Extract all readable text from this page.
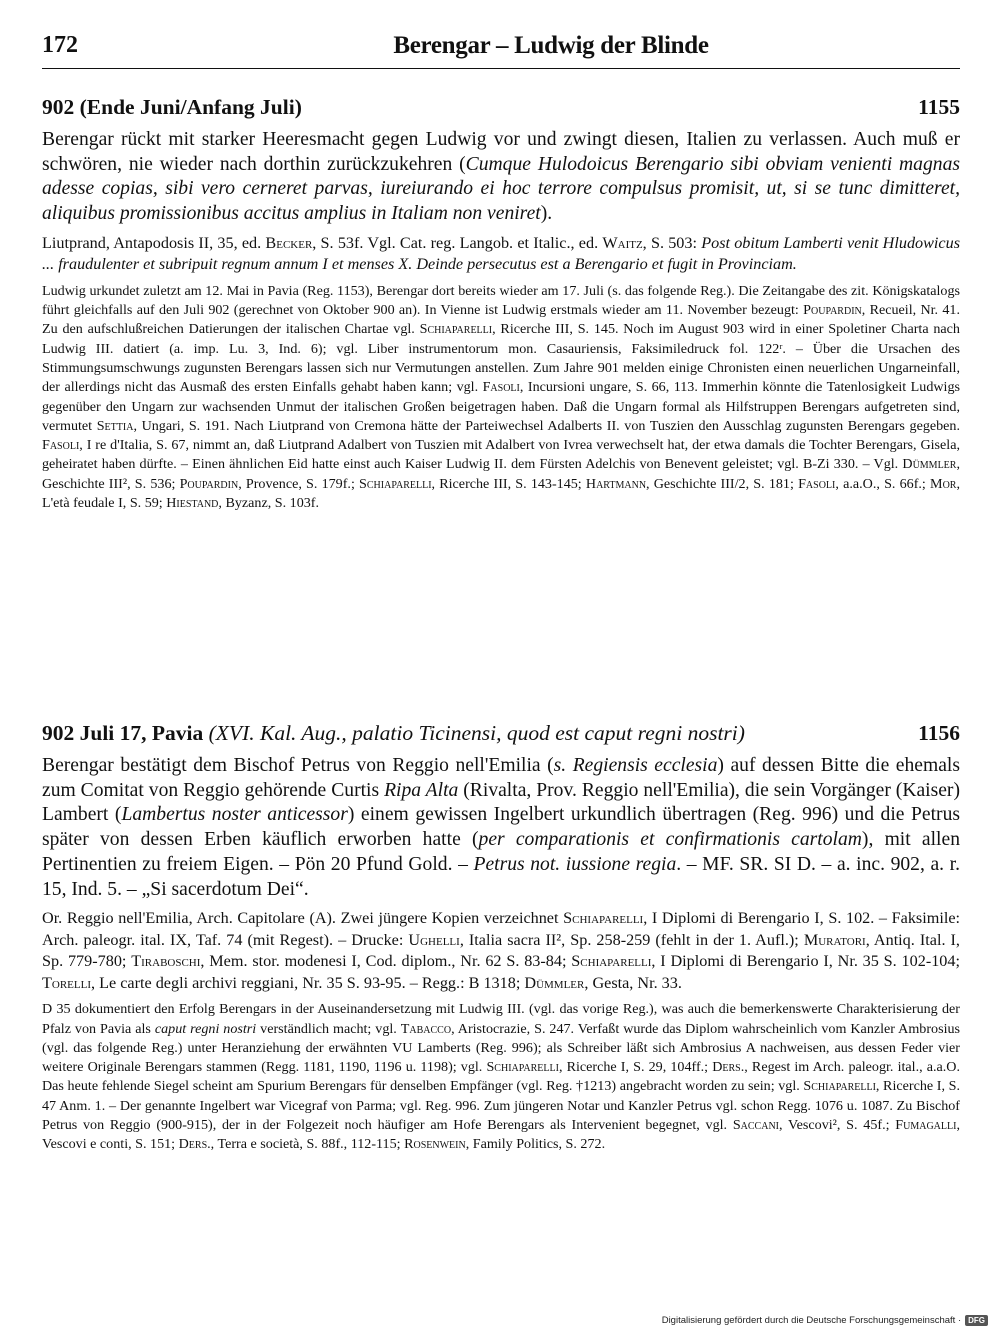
172	Berengar – Ludwig der Blinde
902 (Ende Juni/Anfang Juli)	1155

Berengar rückt mit starker Heeresmacht gegen Ludwig vor und zwingt diesen, Italien zu verlassen. Auch muß er schwören, nie wieder nach dorthin zurückzukehren (Cumque Hulodoicus Berengario sibi obviam venienti magnas adesse copias, sibi vero cerneret parvas, iureiurando ei hoc terrore compulsus promisit, ut, si se tunc dimitteret, aliquibus promissionibus accitus amplius in Italiam non veniret).

Liutprand, Antapodosis II, 35, ed. Becker, S. 53f. Vgl. Cat. reg. Langob. et Italic., ed. Waitz, S. 503: Post obitum Lamberti venit Hludowicus ... fraudulenter et subripuit regnum annum I et menses X. Deinde persecutus est a Berengario et fugit in Provinciam.

Ludwig urkundet zuletzt am 12. Mai in Pavia (Reg. 1153), Berengar dort bereits wieder am 17. Juli (s. das folgende Reg.). Die Zeitangabe des zit. Königskatalogs führt gleichfalls auf den Juli 902 (gerechnet von Oktober 900 an). In Vienne ist Ludwig erstmals wieder am 11. November bezeugt: Poupardin, Recueil, Nr. 41. Zu den aufschlußreichen Datierungen der italischen Chartae vgl. Schiaparelli, Ricerche III, S. 145. Noch im August 903 wird in einer Spoletiner Charta nach Ludwig III. datiert (a. imp. Lu. 3, Ind. 6); vgl. Liber instrumentorum mon. Casauriensis, Faksimiledruck fol. 122ʳ. – Über die Ursachen des Stimmungsumschwungs zugunsten Berengars lassen sich nur Vermutungen anstellen. Zum Jahre 901 melden einige Chronisten einen neuerlichen Ungarneinfall, der allerdings nicht das Ausmaß des ersten Einfalls gehabt haben kann; vgl. Fasoli, Incursioni ungare, S. 66, 113. Immerhin könnte die Tatenlosigkeit Ludwigs gegenüber den Ungarn zur wachsenden Unmut der italischen Großen beigetragen haben. Daß die Ungarn formal als Hilfstruppen Berengars aufgetreten sind, vermutet Settia, Ungari, S. 191. Nach Liutprand von Cremona hätte der Parteiwechsel Adalberts II. von Tuszien den Ausschlag zugunsten Berengars gegeben. Fasoli, I re d'Italia, S. 67, nimmt an, daß Liutprand Adalbert von Tuszien mit Adalbert von Ivrea verwechselt hat, der etwa damals die Tochter Berengars, Gisela, geheiratet haben dürfte. – Einen ähnlichen Eid hatte einst auch Kaiser Ludwig II. dem Fürsten Adelchis von Benevent geleistet; vgl. B-Zi 330. – Vgl. Dümmler, Geschichte III², S. 536; Poupardin, Provence, S. 179f.; Schiaparelli, Ricerche III, S. 143-145; Hartmann, Geschichte III/2, S. 181; Fasoli, a.a.O., S. 66f.; Mor, L'età feudale I, S. 59; Hiestand, Byzanz, S. 103f.

902 Juli 17, Pavia (XVI. Kal. Aug., palatio Ticinensi, quod est caput regni nostri)	1156

Berengar bestätigt dem Bischof Petrus von Reggio nell'Emilia (s. Regiensis ecclesia) auf dessen Bitte die ehemals zum Comitat von Reggio gehörende Curtis Ripa Alta (Rivalta, Prov. Reggio nell'Emilia), die sein Vorgänger (Kaiser) Lambert (Lambertus noster anticessor) einem gewissen Ingelbert urkundlich übertragen (Reg. 996) und die Petrus später von dessen Erben käuflich erworben hatte (per comparationis et confirmationis cartolam), mit allen Pertinentien zu freiem Eigen. – Pön 20 Pfund Gold. – Petrus not. iussione regia. – MF. SR. SI D. – a. inc. 902, a. r. 15, Ind. 5. – „Si sacerdotum Dei“.

Or. Reggio nell'Emilia, Arch. Capitolare (A). Zwei jüngere Kopien verzeichnet Schiaparelli, I Diplomi di Berengario I, S. 102. – Faksimile: Arch. paleogr. ital. IX, Taf. 74 (mit Regest). – Drucke: Ughelli, Italia sacra II², Sp. 258-259 (fehlt in der 1. Aufl.); Muratori, Antiq. Ital. I, Sp. 779-780; Tiraboschi, Mem. stor. modenesi I, Cod. diplom., Nr. 62 S. 83-84; Schiaparelli, I Diplomi di Berengario I, Nr. 35 S. 102-104; Torelli, Le carte degli archivi reggiani, Nr. 35 S. 93-95. – Regg.: B 1318; Dümmler, Gesta, Nr. 33.

D 35 dokumentiert den Erfolg Berengars in der Auseinandersetzung mit Ludwig III. (vgl. das vorige Reg.), was auch die bemerkenswerte Charakterisierung der Pfalz von Pavia als caput regni nostri verständlich macht; vgl. Tabacco, Aristocrazie, S. 247. Verfaßt wurde das Diplom wahrscheinlich vom Kanzler Ambrosius (vgl. das folgende Reg.) unter Heranziehung der erwähnten VU Lamberts (Reg. 996); als Schreiber läßt sich Ambrosius A nachweisen, aus dessen Feder vier weitere Originale Berengars stammen (Regg. 1181, 1190, 1196 u. 1198); vgl. Schiaparelli, Ricerche I, S. 29, 104ff.; Ders., Regest im Arch. paleogr. ital., a.a.O. Das heute fehlende Siegel scheint am Spurium Berengars für denselben Empfänger (vgl. Reg. †1213) angebracht worden zu sein; vgl. Schiaparelli, Ricerche I, S. 47 Anm. 1. – Der genannte Ingelbert war Vicegraf von Parma; vgl. Reg. 996. Zum jüngeren Notar und Kanzler Petrus vgl. schon Regg. 1076 u. 1087. Zu Bischof Petrus von Reggio (900-915), der in der Folgezeit noch häufiger am Hofe Berengars als Intervenient begegnet, vgl. Saccani, Vescovi², S. 45f.; Fumagalli, Vescovi e conti, S. 151; Ders., Terra e società, S. 88f., 112-115; Rosenwein, Family Politics, S. 272.

Digitalisierung gefördert durch die Deutsche Forschungsgemeinschaft · DFG
